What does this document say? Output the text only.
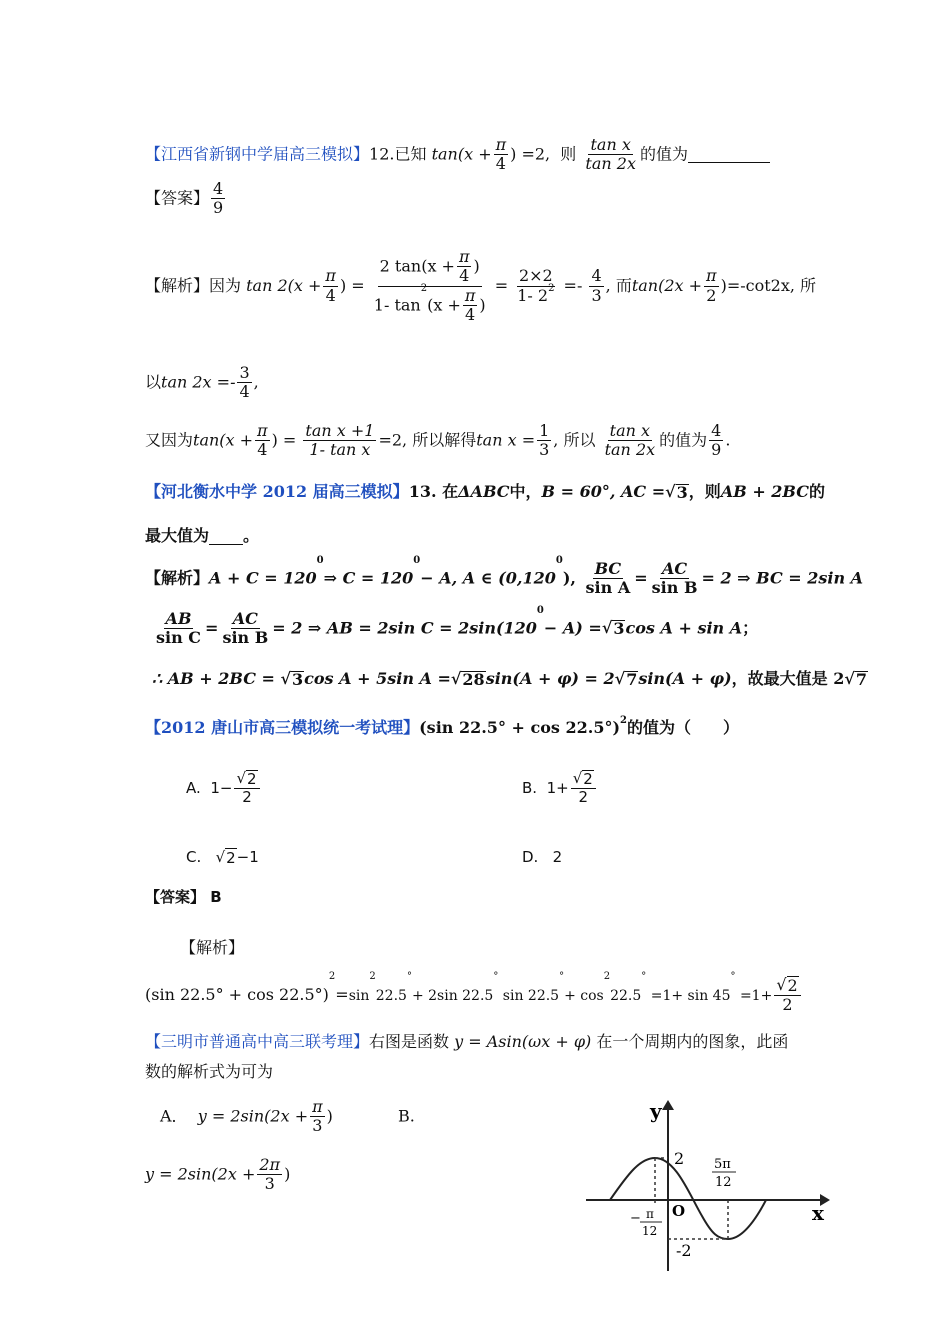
【江西省新钢中学届高三模拟】12.已知 $\tan(x + \frac{\pi}{4}$ ) =2, 则 $\frac{\text{tan x}}{\tan 2x}$ 的值为
【答案】 $\frac{4}{9}$
【解析】因为 $\tan 2(x + \frac{\pi}{4}$ ) = $\frac{2 \tan(x + \frac{\pi}{4} )}{1- \tan^2(x + \frac{\pi}{4} )} = \frac{2\times 2}{1- 2^2} =- \frac{4}{3}$ , 而$\tan(2x + \frac{\pi}{2} )=-\cot 2x$, 所
以$\tan 2x =- \frac{3}{4}$ ,
又因为$\tan(x + \frac{\pi}{4}$ ) = $\frac{\text{tan x +1}}{\text{1- tan x}} =2$, 所以解得$\tan x = \frac{1}{3}$ , 所以 $\frac{\text{tan x}}{\tan 2x}$ 的值为 $\frac{4}{9}$ .
【河北衡水中学 2012 届高三模拟】13. 在ΔABC中，B = 60°, AC =√ 3 ，则AB + 2BC的
最大值为 。
【解析】$A + C = 120^0\Rightarrow$ $C = 120^0- A$, A ∈ (0,120$^0$), $\frac{BC}{\text{sin A}} = \frac{AC}{\text{sin B}} = 2$ ⇒ BC = 2sin A
$\frac{AB}{\text{sin C}} = \frac{AC}{\text{sin B}} = 2$ ⇒ AB = 2sin $C = 2\sin(120^0- A)$ =√ 3 cos A + sin A；
∴ AB + 2BC = √ 3 cos A + 5sin A =√ 28 sin(A + φ) = 2√ 7 sin(A + φ)，故最大值是 2√ 7
【2012 唐山市高三模拟统一考试理】(sin 22.5° + cos 22.5°)$^2$的值为（　　）
A. $1- \frac{√ 2}{2}$	B. $1+ \frac{√ 2}{2}$
C. √ 2 −1	D. 2
【答案】 B
【解析】
(sin $22.5^\circ + \cos 22.5^\circ)^2=\sin^222.5^\circ+ 2\sin$ 22.5° $\sin 22.5^\circ+ \cos^222.5^\circ =1+ \sin 45^\circ =1+ \frac{√ 2}{2}$
【三明市普通高中高三联考理】右图是函数 y = Asin(ωx + φ) 在一个周期内的图象，此函
数的解析式为可为
A． $y = 2\sin(2x + \frac{\pi}{3}$ )	B.
$y = 2\sin(2x + \frac{2\pi}{3}$ )
y
x
O
2
-2
5π
12
− π
12
